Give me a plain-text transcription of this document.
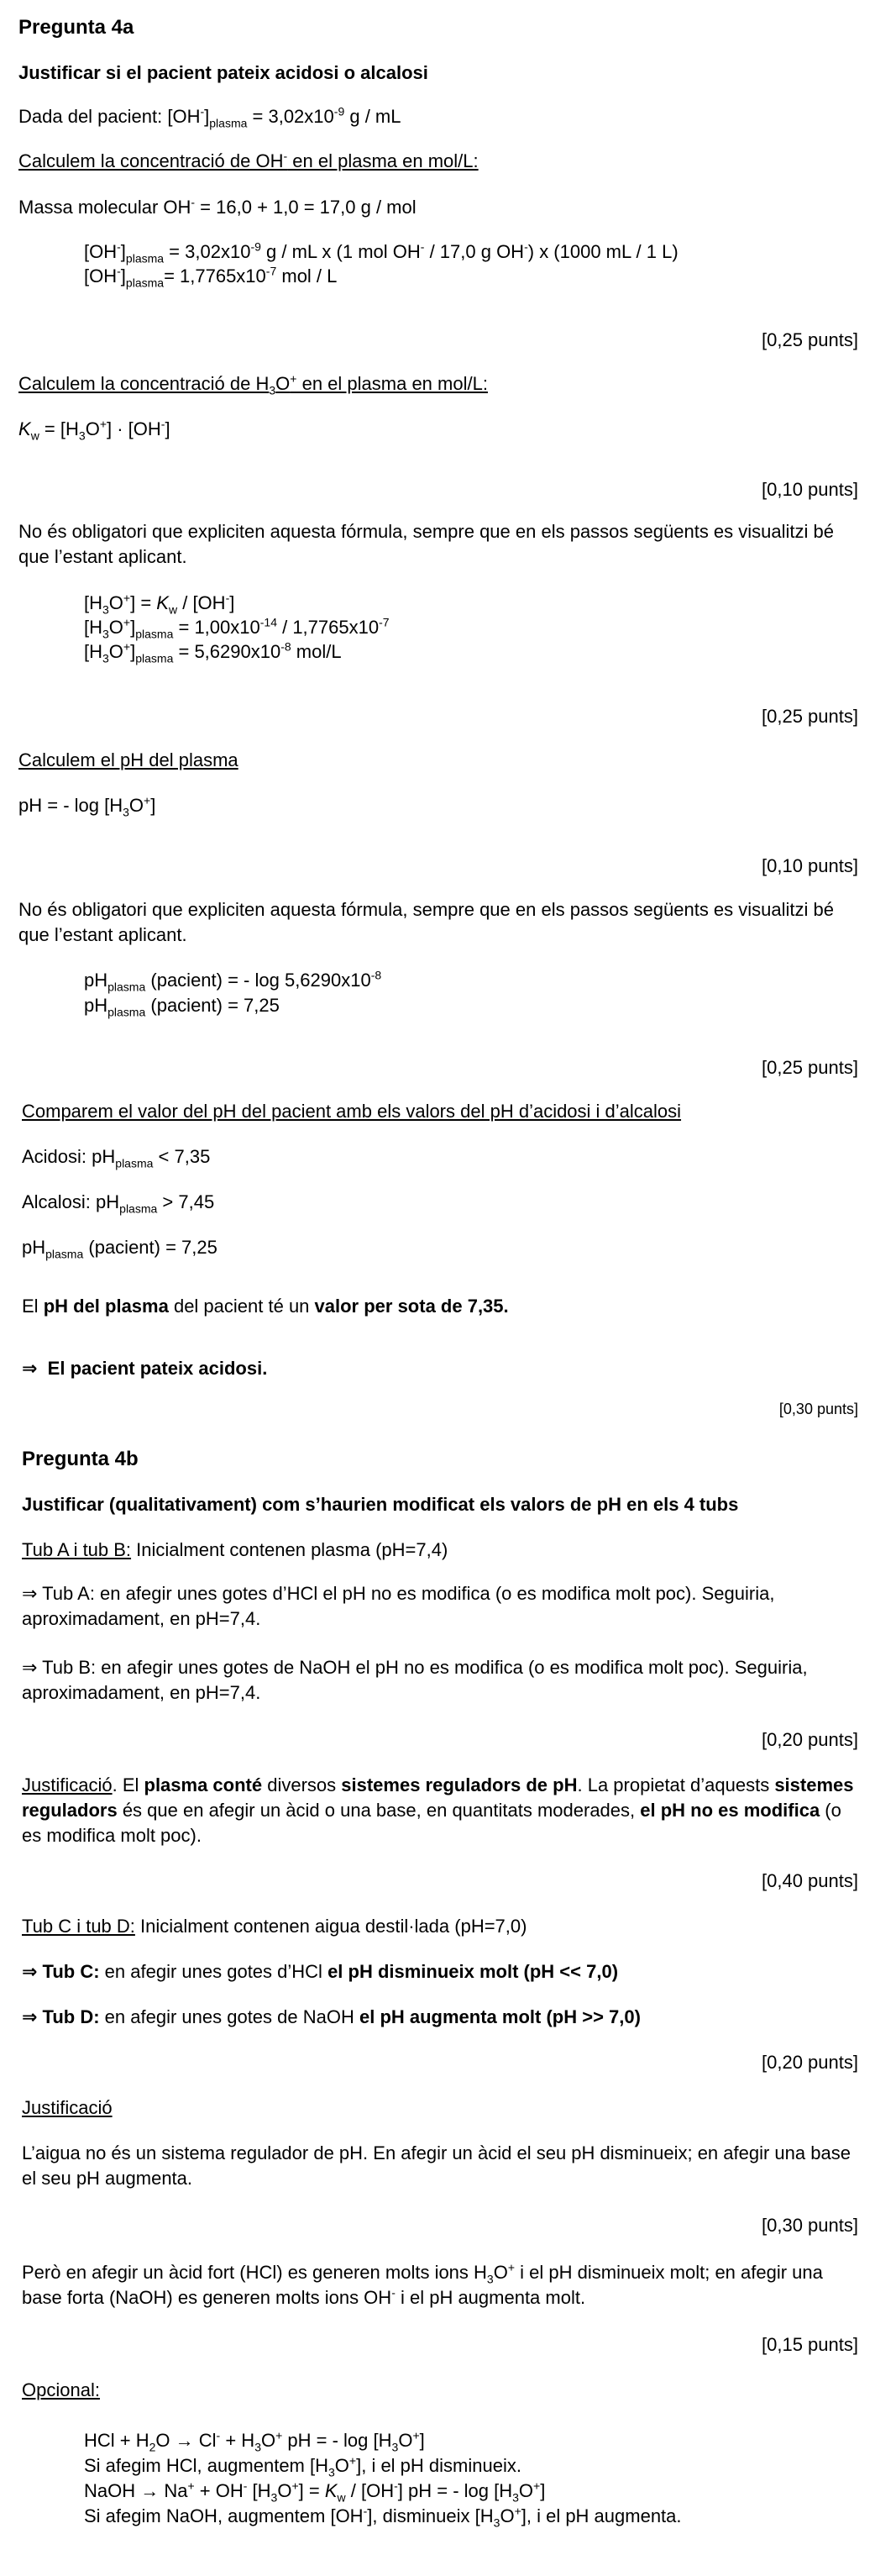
Pregunta 4a

Justificar si el pacient pateix acidosi o alcalosi

Dada del pacient: $[OH^-]_{plasma} = 3,02x10^{-9}$ g / mL

Calculem la concentració de OH- en el plasma en mol/L:

Massa molecular OH- = 16,0 + 1,0 = 17,0 g / mol

$[OH^-]_{plasma} = 3,02x10^{-9}$ g / mL x (1 mol OH- / 17,0 g OH-) x (1000 mL / 1 L)

$[OH^-]_{plasma}= 1,7765x10^{-7}$ mol / L

[0,25 punts]

Calculem la concentració de $H_3O^+$ en el plasma en mol/L:

$K_w = [H_3O^+] \cdot [OH^-]$

[0,10 punts]

No és obligatori que expliciten aquesta fórmula, sempre que en els passos següents es visualitzi bé que l’estant aplicant.

$[H_3O^+] = K_w / [OH^-]$

$[H_3O^+]_{plasma} = 1,00x10^{-14} / 1,7765x10^{-7}$

$[H_3O^+]_{plasma} = 5,6290x10^{-8}$ mol/L

[0,25 punts]

Calculem el pH del plasma

pH = - $\log [H_3O^+]$

[0,10 punts]

No és obligatori que expliciten aquesta fórmula, sempre que en els passos següents es visualitzi bé que l’estant aplicant.

$pH_{plasma}$ (pacient) = - $\log 5,6290x10^{-8}$

$pH_{plasma}$ (pacient) = 7,25

[0,25 punts]

Comparem el valor del pH del pacient amb els valors del pH d’acidosi i d’alcalosi

Acidosi: $pH_{plasma} < 7,35$

Alcalosi: $pH_{plasma} > 7,45$

$pH_{plasma}$ (pacient) = 7,25

El pH del plasma del pacient té un valor per sota de 7,35.

⇒ El pacient pateix acidosi.

[0,30 punts]

Pregunta 4b

Justificar (qualitativament) com s’haurien modificat els valors de pH en els 4 tubs

Tub A i tub B: Inicialment contenen plasma (pH=7,4)

⇒ Tub A: en afegir unes gotes d’HCl el pH no es modifica (o es modifica molt poc). Seguiria, aproximadament, en pH=7,4.

⇒ Tub B: en afegir unes gotes de NaOH el pH no es modifica (o es modifica molt poc). Seguiria, aproximadament, en pH=7,4.

[0,20 punts]

Justificació. El plasma conté diversos sistemes reguladors de pH. La propietat d’aquests sistemes reguladors és que en afegir un àcid o una base, en quantitats moderades, el pH no es modifica (o es modifica molt poc).

[0,40 punts]

Tub C i tub D: Inicialment contenen aigua destil·lada (pH=7,0)

⇒ Tub C: en afegir unes gotes d’HCl el pH disminueix molt (pH << 7,0)

⇒ Tub D: en afegir unes gotes de NaOH el pH augmenta molt (pH >> 7,0)

[0,20 punts]

Justificació

L’aigua no és un sistema regulador de pH. En afegir un àcid el seu pH disminueix; en afegir una base el seu pH augmenta.

[0,30 punts]

Però en afegir un àcid fort (HCl) es generen molts ions $H_3O^+$ i el pH disminueix molt; en afegir una base forta (NaOH) es generen molts ions OH- i el pH augmenta molt.

[0,15 punts]

Opcional:

HCl + $H_2O \to Cl^- + H_3O^+$ pH = - $\log [H_3O^+]$

Si afegim HCl, augmentem $[H_3O^+]$, i el pH disminueix.

NaOH → Na+ + OH- $[H_3O^+] = K_w / [OH^-]$ pH = - $\log [H_3O^+]$

Si afegim NaOH, augmentem [OH-], disminueix $[H_3O^+]$, i el pH augmenta.
